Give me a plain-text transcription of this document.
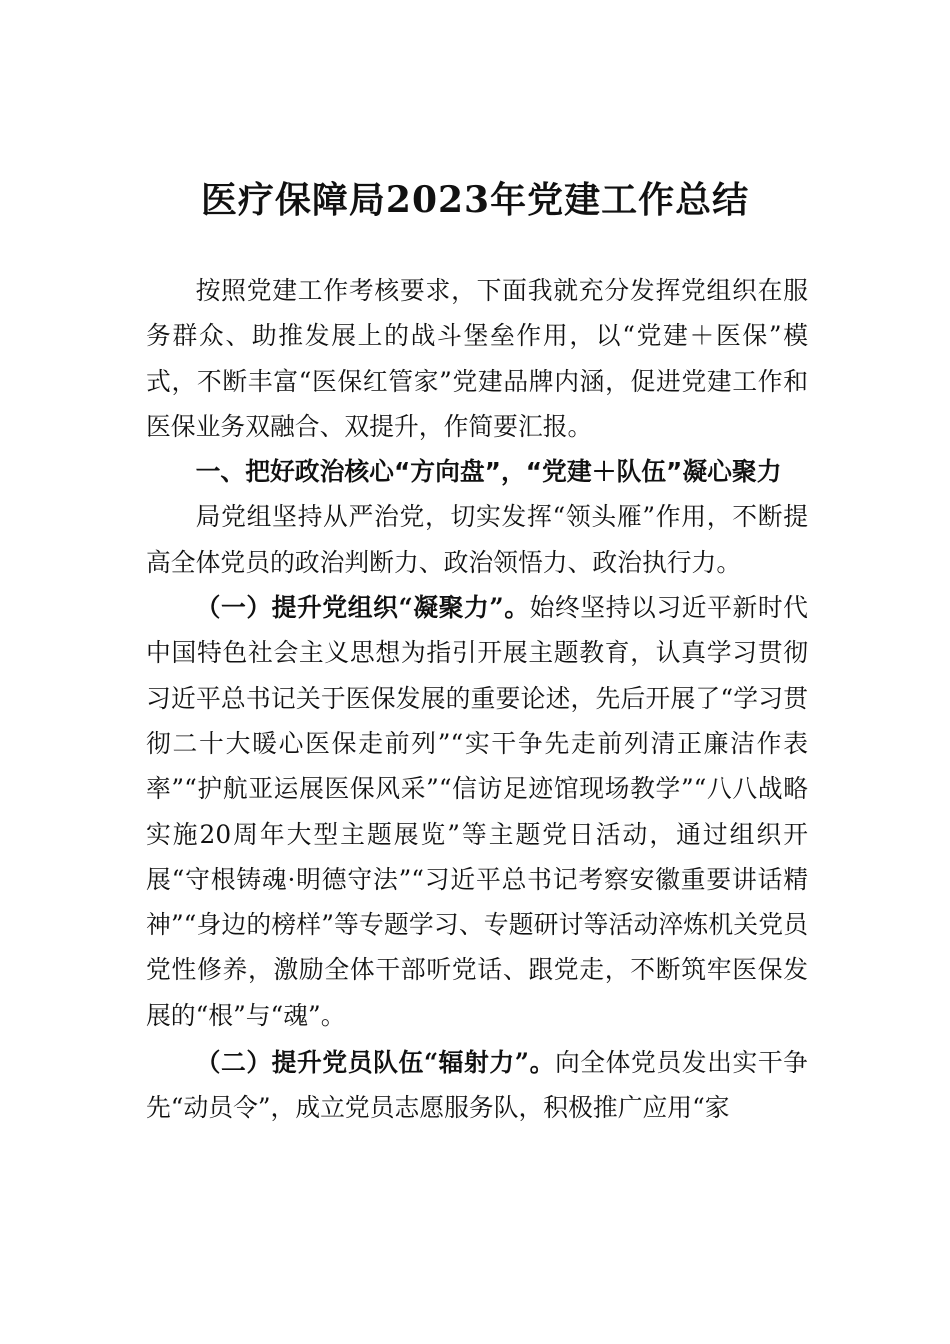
医疗保障局2023年党建工作总结

按照党建工作考核要求，下面我就充分发挥党组织在服务群众、助推发展上的战斗堡垒作用，以“党建＋医保”模式，不断丰富“医保红管家”党建品牌内涵，促进党建工作和医保业务双融合、双提升，作简要汇报。

一、把好政治核心“方向盘”，“党建＋队伍”凝心聚力

局党组坚持从严治党，切实发挥“领头雁”作用，不断提高全体党员的政治判断力、政治领悟力、政治执行力。

（一）提升党组织“凝聚力”。始终坚持以习近平新时代中国特色社会主义思想为指引开展主题教育，认真学习贯彻习近平总书记关于医保发展的重要论述，先后开展了“学习贯彻二十大暖心医保走前列”“实干争先走前列清正廉洁作表率”“护航亚运展医保风采”“信访足迹馆现场教学”“八八战略实施20周年大型主题展览”等主题党日活动，通过组织开展“守根铸魂·明德守法”“习近平总书记考察安徽重要讲话精神”“身边的榜样”等专题学习、专题研讨等活动淬炼机关党员党性修养，激励全体干部听党话、跟党走，不断筑牢医保发展的“根”与“魂”。

（二）提升党员队伍“辐射力”。向全体党员发出实干争先“动员令”，成立党员志愿服务队，积极推广应用“家
